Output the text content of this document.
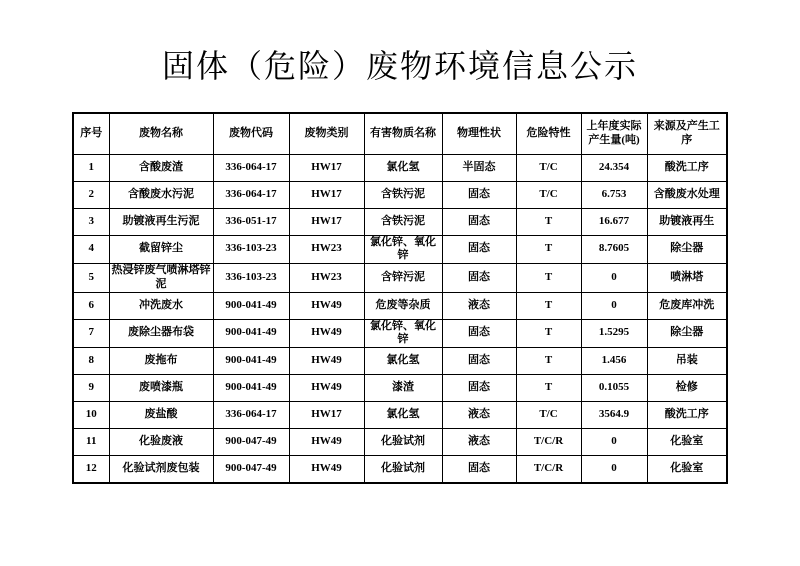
固体（危险）废物环境信息公示
序号	废物名称	废物代码	废物类别	有害物质名称	物理性状	危险特性	上年度实际产生量(吨)	来源及产生工序
1	含酸废渣	336-064-17	HW17	氯化氢	半固态	T/C	24.354	酸洗工序
2	含酸废水污泥	336-064-17	HW17	含铁污泥	固态	T/C	6.753	含酸废水处理
3	助镀液再生污泥	336-051-17	HW17	含铁污泥	固态	T	16.677	助镀液再生
4	截留锌尘	336-103-23	HW23	氯化锌、氧化锌	固态	T	8.7605	除尘器
5	热浸锌废气喷淋塔锌泥	336-103-23	HW23	含锌污泥	固态	T	0	喷淋塔
6	冲洗废水	900-041-49	HW49	危废等杂质	液态	T	0	危废库冲洗
7	废除尘器布袋	900-041-49	HW49	氯化锌、氧化锌	固态	T	1.5295	除尘器
8	废拖布	900-041-49	HW49	氯化氢	固态	T	1.456	吊装
9	废喷漆瓶	900-041-49	HW49	漆渣	固态	T	0.1055	检修
10	废盐酸	336-064-17	HW17	氯化氢	液态	T/C	3564.9	酸洗工序
11	化验废液	900-047-49	HW49	化验试剂	液态	T/C/R	0	化验室
12	化验试剂废包装	900-047-49	HW49	化验试剂	固态	T/C/R	0	化验室
